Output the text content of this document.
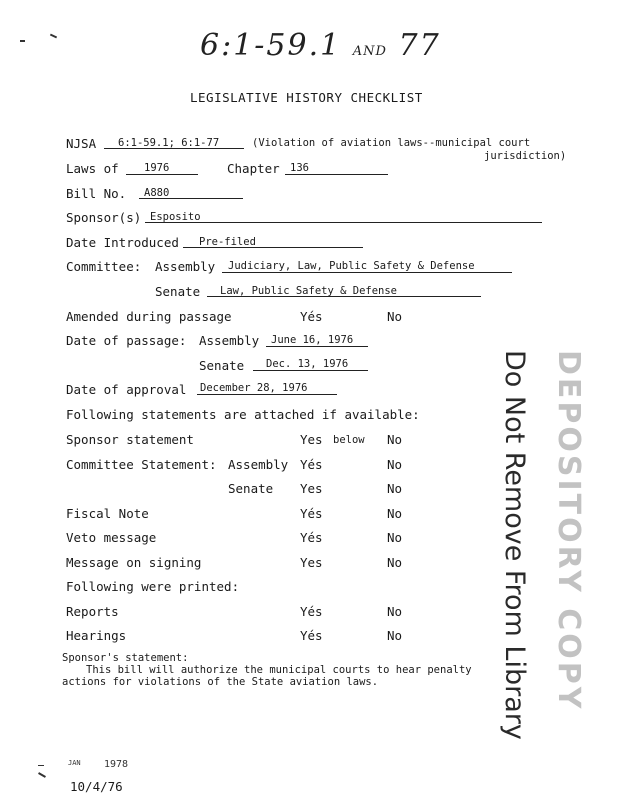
6:1-59.1 AND 77
LEGISLATIVE HISTORY CHECKLIST
NJSA 6:1-59.1; 6:1-77	(Violation of aviation laws--municipal court
jurisdiction)
Laws of 1976	Chapter 136
Bill No. A880
Sponsor(s) Esposito
Date Introduced Pre-filed
Committee: Assembly Judiciary, Law, Public Safety & Defense
Senate Law, Public Safety & Defense
Amended during passage	Yés	No
Date of passage: Assembly June 16, 1976
Senate Dec. 13, 1976
Date of approval December 28, 1976
Following statements are attached if available:
Sponsor statement	Yes below No
Committee Statement: Assembly Yés	No
Senate Yes	No
Fiscal Note	Yés	No
Veto message	Yés	No
Message on signing	Yes	No
Following were printed:
Reports	Yés	No
Hearings	Yés	No
Sponsor's statement:
This bill will authorize the municipal courts to hear penalty
actions for violations of the State aviation laws.	Do Not Remove From Library DEPOSITORY COPY
JAN 1978
10/4/76
